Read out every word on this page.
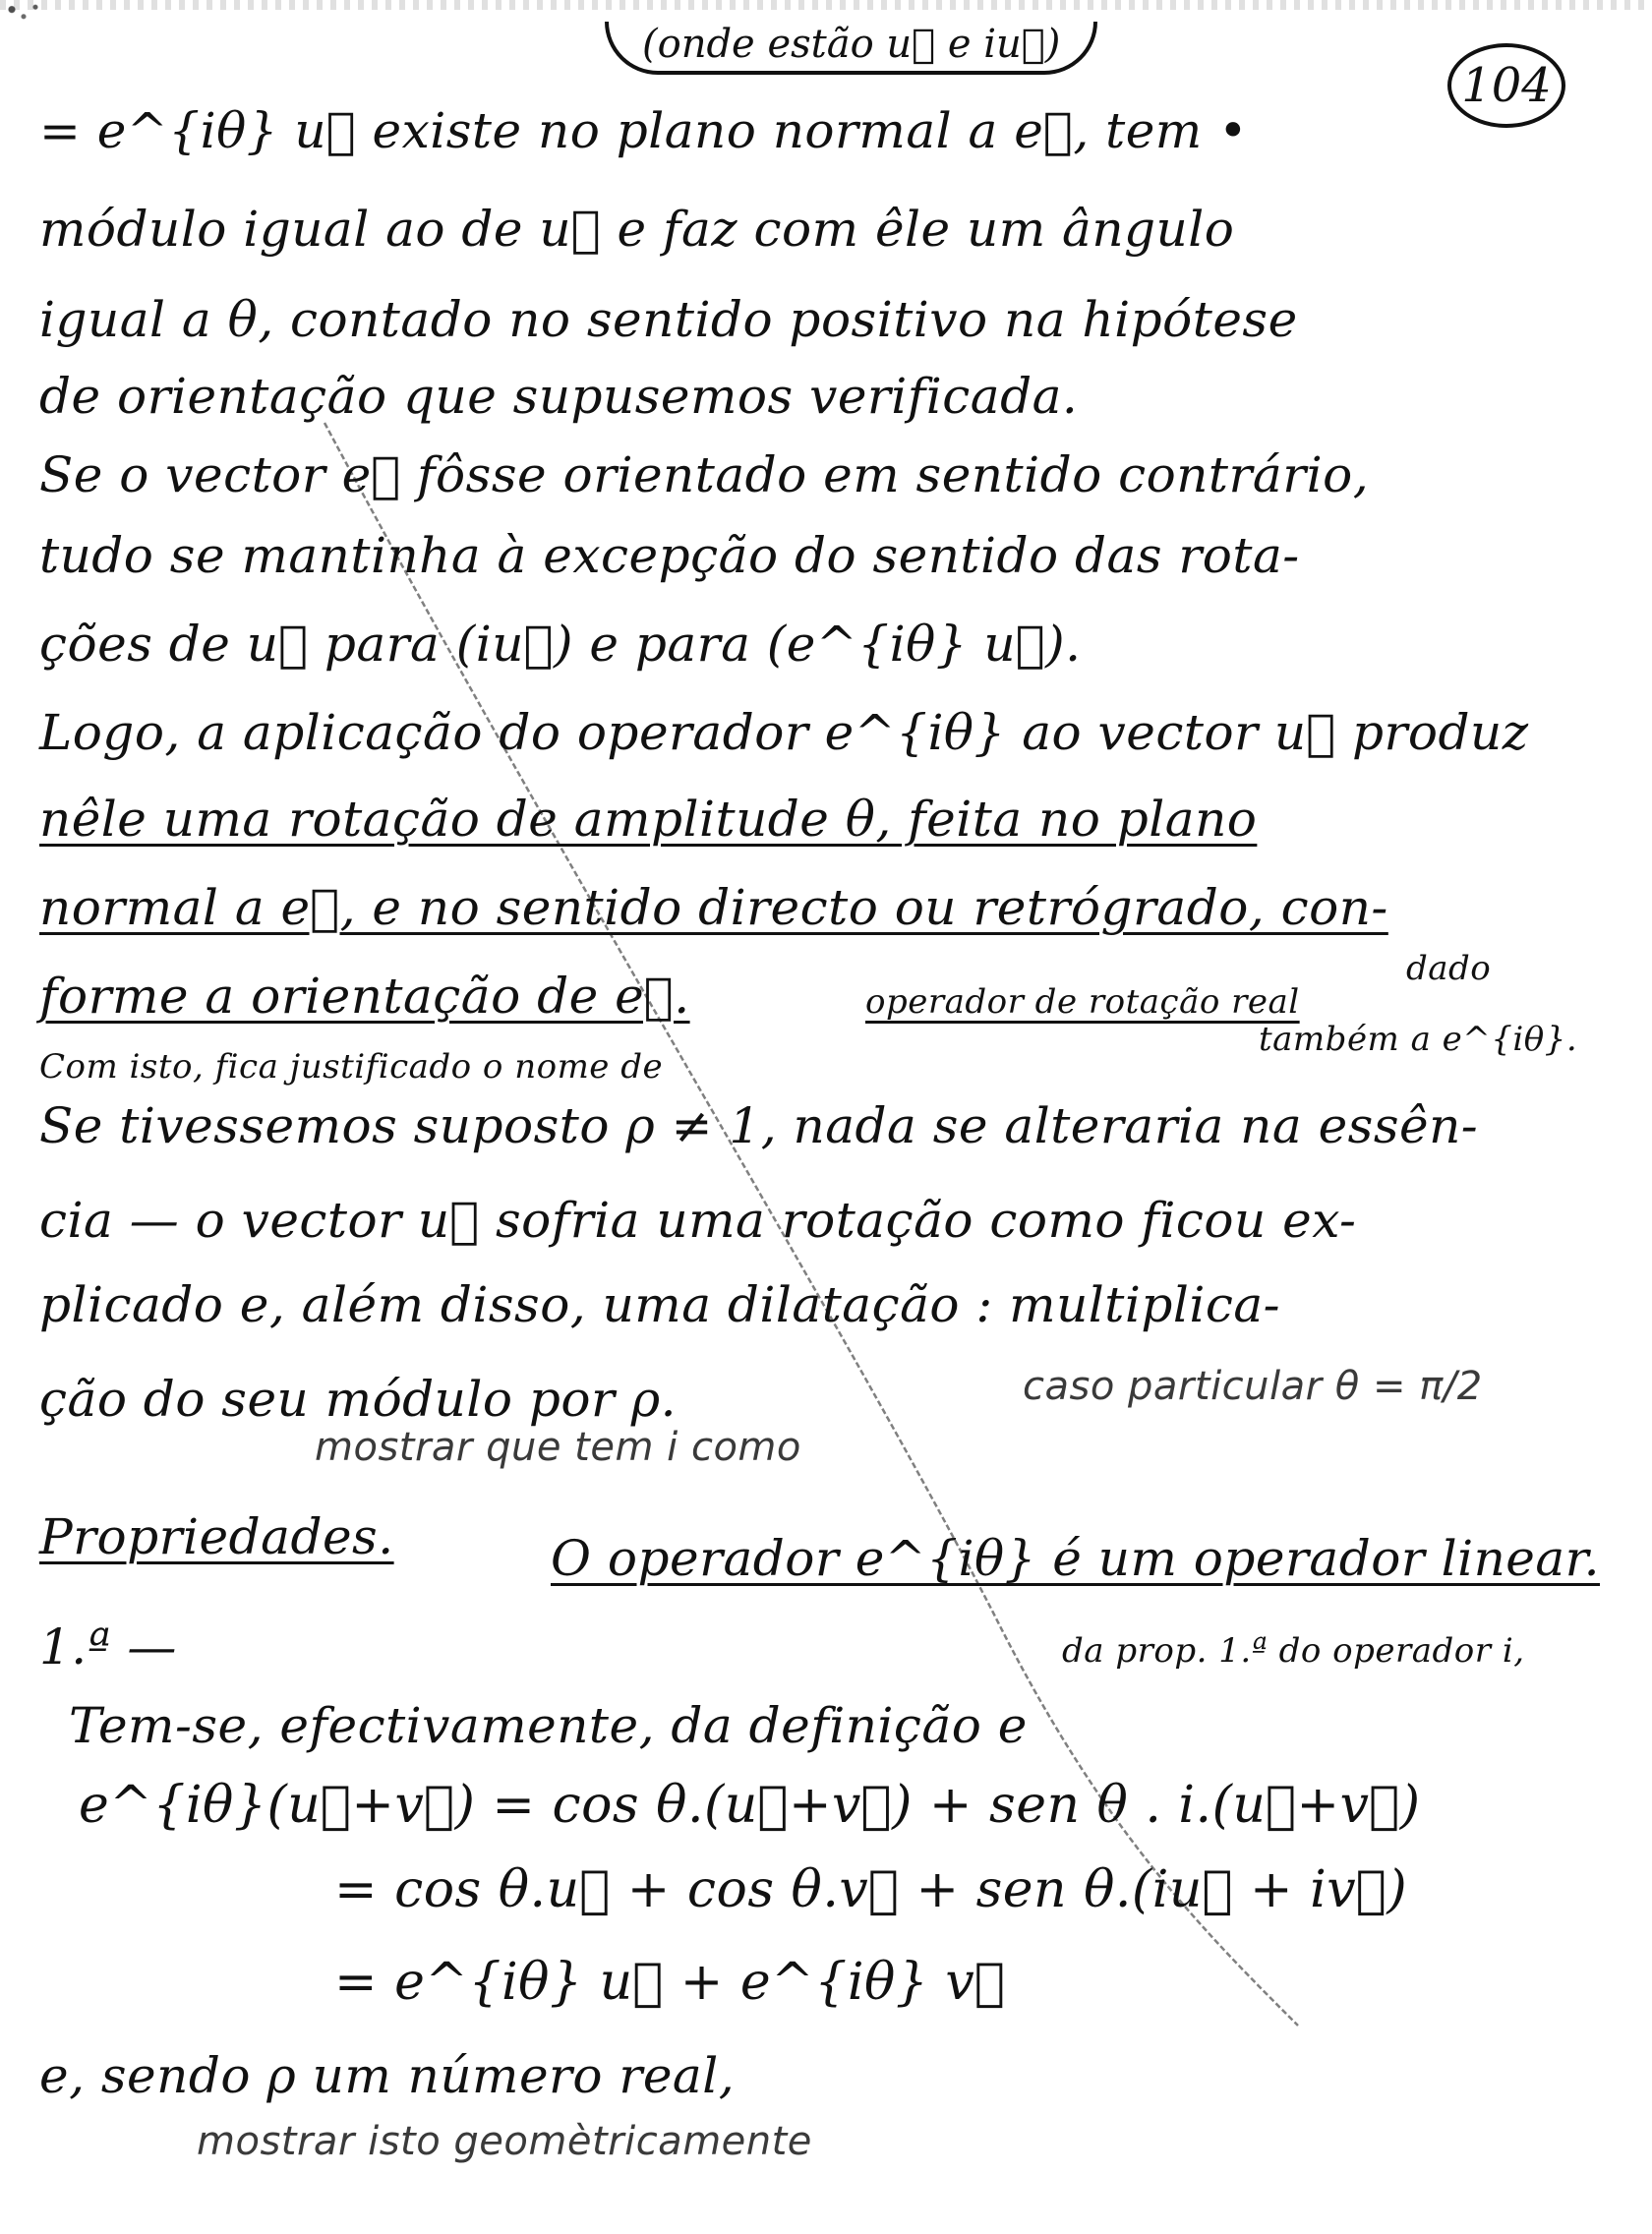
(onde estão u⃗ e iu⃗)
104
= e^{iθ} u⃗ existe no plano normal a e⃗, tem •
módulo igual ao de u⃗ e faz com êle um ângulo
igual a θ, contado no sentido positivo na hipótese
de orientação que supusemos verificada.
Se o vector e⃗ fôsse orientado em sentido contrário,
tudo se mantinha à excepção do sentido das rota-
ções de u⃗ para (iu⃗) e para (e^{iθ} u⃗).
Logo, a aplicação do operador e^{iθ} ao vector u⃗ produz
nêle uma rotação de amplitude θ, feita no plano
normal a e⃗, e no sentido directo ou retrógrado, con-
forme a orientação de e⃗.	operador de rotação real
dado
também a e^{iθ}.
Com isto, fica justificado o nome de
Se tivessemos suposto ρ ≠ 1, nada se alteraria na essên-
cia — o vector u⃗ sofria uma rotação como ficou ex-
plicado e, além disso, uma dilatação : multiplica-
ção do seu módulo por ρ.	caso particular θ = π/2
mostrar que tem i como
Propriedades.	O operador e^{iθ} é um operador linear.
1.ª —	da prop. 1.ª do operador i,
Tem-se, efectivamente, da definição e
e^{iθ}(u⃗+v⃗) = cos θ.(u⃗+v⃗) + sen θ . i.(u⃗+v⃗)
= cos θ.u⃗ + cos θ.v⃗ + sen θ.(iu⃗ + iv⃗)
= e^{iθ} u⃗ + e^{iθ} v⃗
e, sendo ρ um número real,
mostrar isto geomètricamente
